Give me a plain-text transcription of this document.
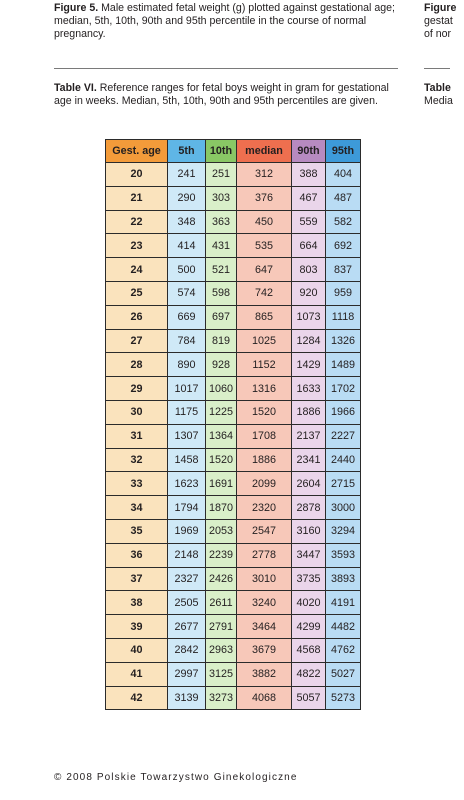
Figure 5. Male estimated fetal weight (g) plotted against gestational age; median, 5th, 10th, 90th and 95th percentile in the course of normal pregnancy.
Figure
gestat
of nor
Table VI. Reference ranges for fetal boys weight in gram for gestational age in weeks. Median, 5th, 10th, 90th and 95th percentiles are given.
Table
Media
Gest. age	5th	10th	median	90th	95th
20	241	251	312	388	404
21	290	303	376	467	487
22	348	363	450	559	582
23	414	431	535	664	692
24	500	521	647	803	837
25	574	598	742	920	959
26	669	697	865	1073	1118
27	784	819	1025	1284	1326
28	890	928	1152	1429	1489
29	1017	1060	1316	1633	1702
30	1175	1225	1520	1886	1966
31	1307	1364	1708	2137	2227
32	1458	1520	1886	2341	2440
33	1623	1691	2099	2604	2715
34	1794	1870	2320	2878	3000
35	1969	2053	2547	3160	3294
36	2148	2239	2778	3447	3593
37	2327	2426	3010	3735	3893
38	2505	2611	3240	4020	4191
39	2677	2791	3464	4299	4482
40	2842	2963	3679	4568	4762
41	2997	3125	3882	4822	5027
42	3139	3273	4068	5057	5273
© 2008 Polskie Towarzystwo Ginekologiczne
